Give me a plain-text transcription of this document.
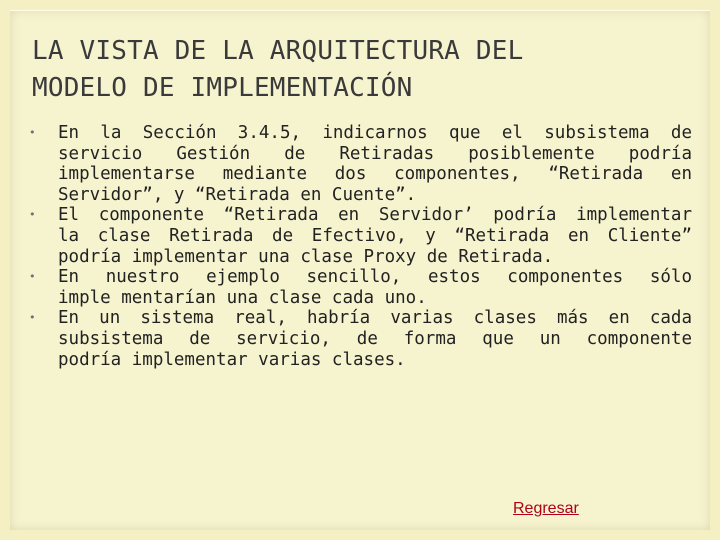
LA VISTA DE LA ARQUITECTURA DEL
MODELO DE IMPLEMENTACIÓN
• En la Sección 3.4.5, indicarnos que el subsistema de
servicio Gestión de Retiradas posiblemente podría
implementarse mediante dos componentes, “Retirada en
Servidor”, y “Retirada en Cuente”.
• El componente “Retirada en Servidor’ podría implementar
la clase Retirada de Efectivo, y “Retirada en Cliente”
podría implementar una clase Proxy de Retirada.
• En nuestro ejemplo sencillo, estos componentes sólo
imple mentarían una clase cada uno.
• En un sistema real, habría varias clases más en cada
subsistema de servicio, de forma que un componente
podría implementar varias clases.
Regresar
